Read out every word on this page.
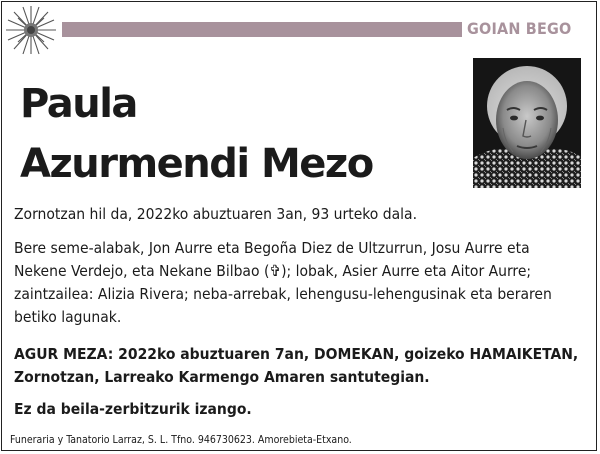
GOIAN BEGO
Paula
Azurmendi Mezo
Zornotzan hil da, 2022ko abuztuaren 3an, 93 urteko dala.
Bere seme-alabak, Jon Aurre eta Begoña Diez de Ultzurrun, Josu Aurre eta Nekene Verdejo, eta Nekane Bilbao (✞); lobak, Asier Aurre eta Aitor Aurre; zaintzailea: Alizia Rivera; neba-arrebak, lehengusu-lehengusinak eta beraren betiko lagunak.
AGUR MEZA: 2022ko abuztuaren 7an, DOMEKAN, goizeko HAMAIKETAN, Zornotzan, Larreako Karmengo Amaren santutegian.
Ez da beila-zerbitzurik izango.
Funeraria y Tanatorio Larraz, S. L. Tfno. 946730623. Amorebieta-Etxano.
